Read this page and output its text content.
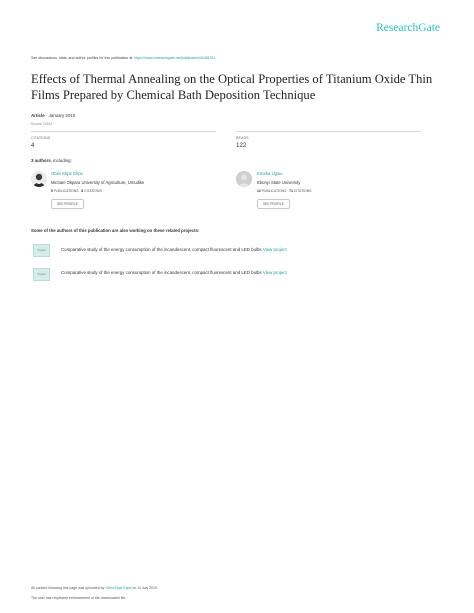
ResearchGate
See discussions, stats, and author profiles for this publication at: https://www.researchgate.net/publication/40481311
Effects of Thermal Annealing on the Optical Properties of Titanium Oxide Thin Films Prepared by Chemical Bath Deposition Technique
Article · January 2010
Source: DOAJ
CITATIONS
4
READS
122
3 authors, including:
Obini Ekpe Ekpe
Michael Okpara University of Agriculture, Umudike
5 PUBLICATIONS 8 CITATIONS
SEE PROFILE
Emeka Ugwu
Ebonyi State University
12 PUBLICATIONS 71 CITATIONS
SEE PROFILE
Some of the authors of this publication are also working on these related projects:
Project	Comparative study of the energy consumption of the incandescent, compact fluorescent and LED bulbs View project
Project	Comparative study of the energy consumption of the incandescent, compact fluorescent and LED bulbs View project
All content following this page was uploaded by Obini Ekpe Ekpe on 11 July 2019.
The user has requested enhancement of the downloaded file.
